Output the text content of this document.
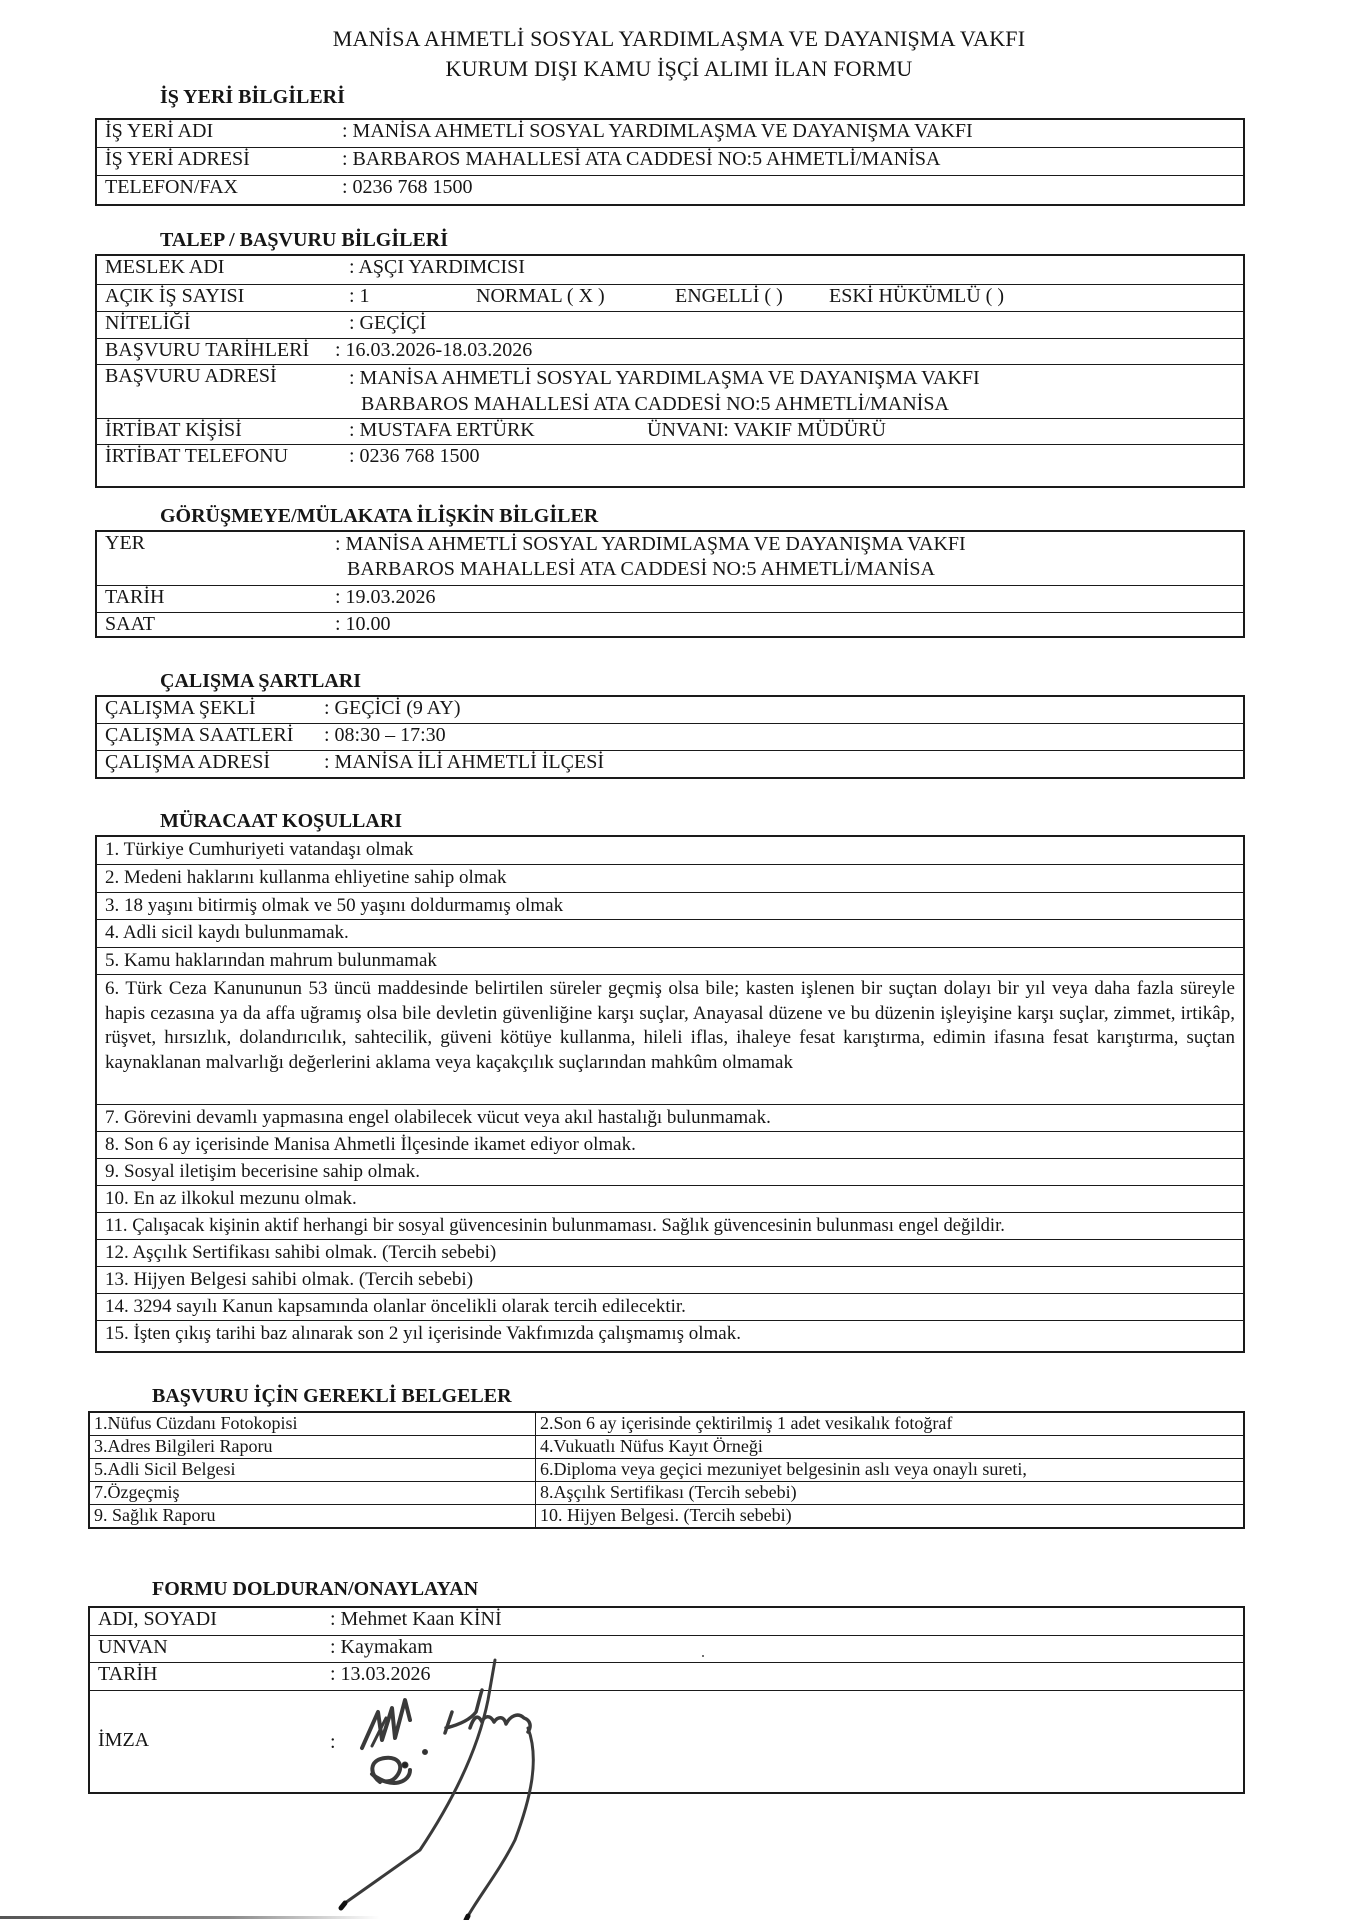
MANİSA AHMETLİ SOSYAL YARDIMLAŞMA VE DAYANIŞMA VAKFI
KURUM DIŞI KAMU İŞÇİ ALIMI İLAN FORMU
İŞ YERİ BİLGİLERİ
İŞ YERİ ADI	: MANİSA AHMETLİ SOSYAL YARDIMLAŞMA VE DAYANIŞMA VAKFI
İŞ YERİ ADRESİ	: BARBAROS MAHALLESİ ATA CADDESİ NO:5 AHMETLİ/MANİSA
TELEFON/FAX	: 0236 768 1500
TALEP / BAŞVURU BİLGİLERİ
MESLEK ADI	: AŞÇI YARDIMCISI
AÇIK İŞ SAYISI	: 1	NORMAL ( X )	ENGELLİ ( ) ESKİ HÜKÜMLÜ ( )
NİTELİĞİ	: GEÇİÇİ
BAŞVURU TARİHLERİ : 16.03.2026-18.03.2026
BAŞVURU ADRESİ	: MANİSA AHMETLİ SOSYAL YARDIMLAŞMA VE DAYANIŞMA VAKFI
BARBAROS MAHALLESİ ATA CADDESİ NO:5 AHMETLİ/MANİSA
İRTİBAT KİŞİSİ	: MUSTAFA ERTÜRK	ÜNVANI: VAKIF MÜDÜRÜ
İRTİBAT TELEFONU	: 0236 768 1500
GÖRÜŞMEYE/MÜLAKATA İLİŞKİN BİLGİLER
YER	: MANİSA AHMETLİ SOSYAL YARDIMLAŞMA VE DAYANIŞMA VAKFI
BARBAROS MAHALLESİ ATA CADDESİ NO:5 AHMETLİ/MANİSA
TARİH	: 19.03.2026
SAAT	: 10.00
ÇALIŞMA ŞARTLARI
ÇALIŞMA ŞEKLİ	: GEÇİCİ (9 AY)
ÇALIŞMA SAATLERİ : 08:30 – 17:30
ÇALIŞMA ADRESİ	: MANİSA İLİ AHMETLİ İLÇESİ
MÜRACAAT KOŞULLARI
1. Türkiye Cumhuriyeti vatandaşı olmak
2. Medeni haklarını kullanma ehliyetine sahip olmak
3. 18 yaşını bitirmiş olmak ve 50 yaşını doldurmamış olmak
4. Adli sicil kaydı bulunmamak.
5. Kamu haklarından mahrum bulunmamak
6. Türk Ceza Kanununun 53 üncü maddesinde belirtilen süreler geçmiş olsa bile; kasten işlenen bir suçtan dolayı bir yıl veya daha fazla süreyle hapis cezasına ya da affa uğramış olsa bile devletin güvenliğine karşı suçlar, Anayasal düzene ve bu düzenin işleyişine karşı suçlar, zimmet, irtikâp, rüşvet, hırsızlık, dolandırıcılık, sahtecilik, güveni kötüye kullanma, hileli iflas, ihaleye fesat karıştırma, edimin ifasına fesat karıştırma, suçtan kaynaklanan malvarlığı değerlerini aklama veya kaçakçılık suçlarından mahkûm olmamak
7. Görevini devamlı yapmasına engel olabilecek vücut veya akıl hastalığı bulunmamak.
8. Son 6 ay içerisinde Manisa Ahmetli İlçesinde ikamet ediyor olmak.
9. Sosyal iletişim becerisine sahip olmak.
10. En az ilkokul mezunu olmak.
11. Çalışacak kişinin aktif herhangi bir sosyal güvencesinin bulunmaması. Sağlık güvencesinin bulunması engel değildir.
12. Aşçılık Sertifikası sahibi olmak. (Tercih sebebi)
13. Hijyen Belgesi sahibi olmak. (Tercih sebebi)
14. 3294 sayılı Kanun kapsamında olanlar öncelikli olarak tercih edilecektir.
15. İşten çıkış tarihi baz alınarak son 2 yıl içerisinde Vakfımızda çalışmamış olmak.
BAŞVURU İÇİN GEREKLİ BELGELER
1.Nüfus Cüzdanı Fotokopisi	2.Son 6 ay içerisinde çektirilmiş 1 adet vesikalık fotoğraf
3.Adres Bilgileri Raporu	4.Vukuatlı Nüfus Kayıt Örneği
5.Adli Sicil Belgesi	6.Diploma veya geçici mezuniyet belgesinin aslı veya onaylı sureti,
7.Özgeçmiş	8.Aşçılık Sertifikası (Tercih sebebi)
9. Sağlık Raporu	10. Hijyen Belgesi. (Tercih sebebi)
FORMU DOLDURAN/ONAYLAYAN
ADI, SOYADI	: Mehmet Kaan KİNİ
UNVAN	: Kaymakam
TARİH	: 13.03.2026
İMZA	:
